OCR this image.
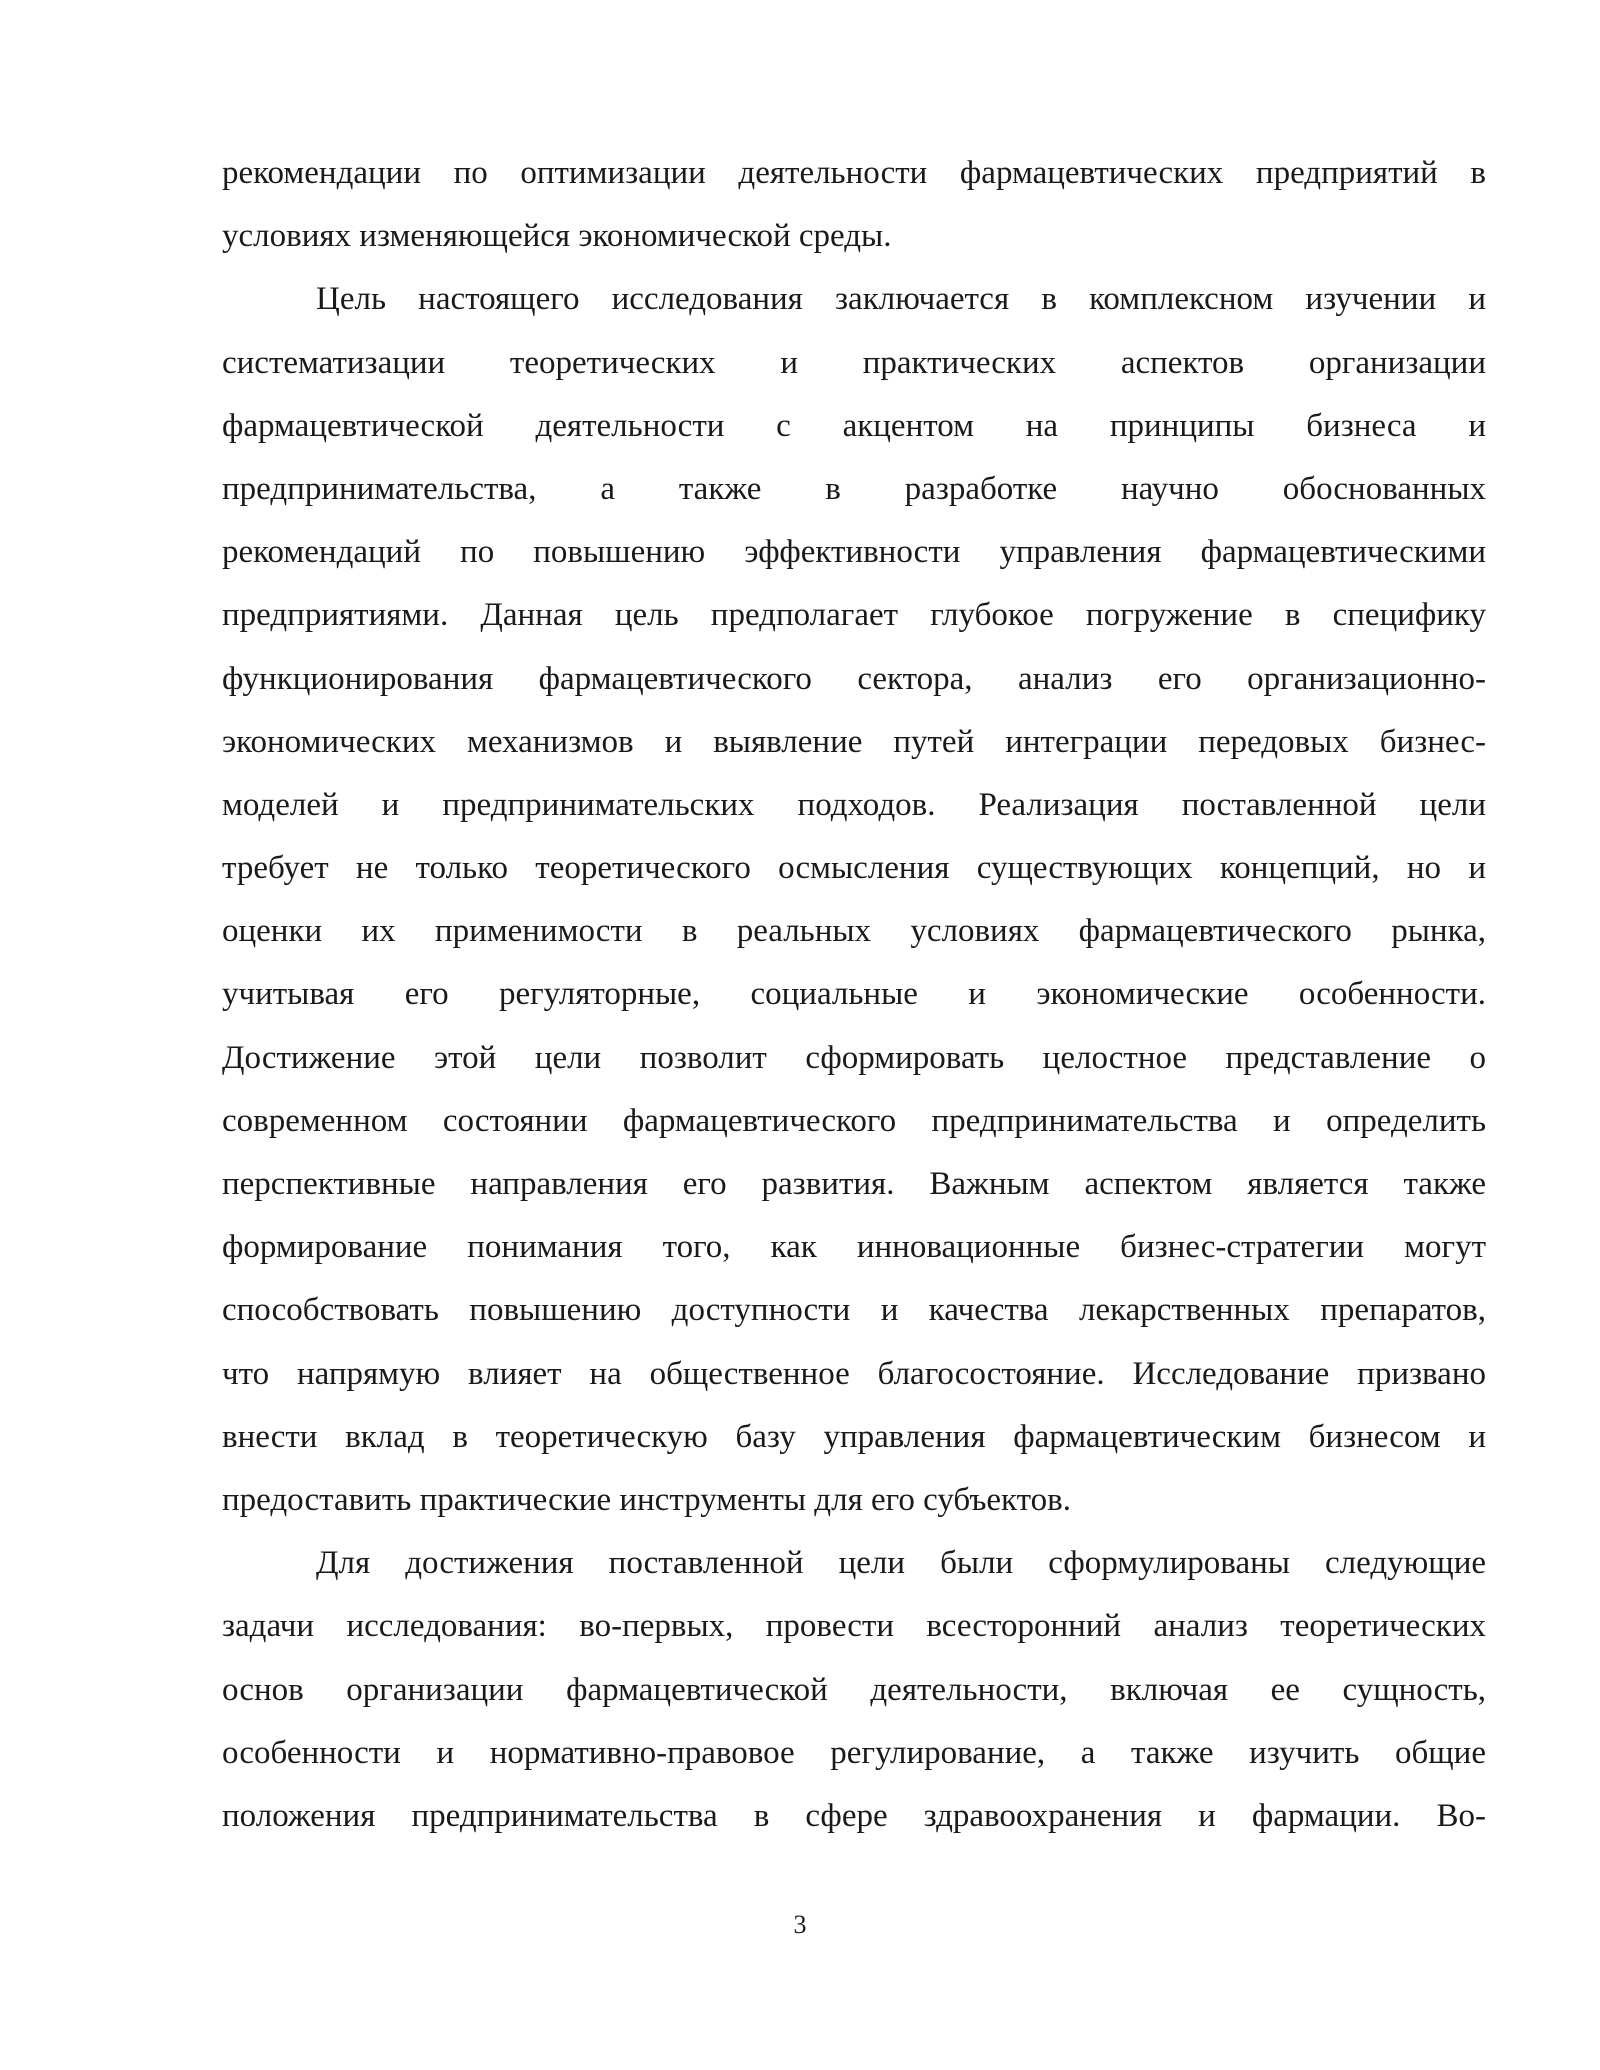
рекомендации по оптимизации деятельности фармацевтических предприятий в
условиях изменяющейся экономической среды.
Цель настоящего исследования заключается в комплексном изучении и
систематизации теоретических и практических аспектов организации
фармацевтической деятельности с акцентом на принципы бизнеса и
предпринимательства, а также в разработке научно обоснованных
рекомендаций по повышению эффективности управления фармацевтическими
предприятиями. Данная цель предполагает глубокое погружение в специфику
функционирования фармацевтического сектора, анализ его организационно-
экономических механизмов и выявление путей интеграции передовых бизнес-
моделей и предпринимательских подходов. Реализация поставленной цели
требует не только теоретического осмысления существующих концепций, но и
оценки их применимости в реальных условиях фармацевтического рынка,
учитывая его регуляторные, социальные и экономические особенности.
Достижение этой цели позволит сформировать целостное представление о
современном состоянии фармацевтического предпринимательства и определить
перспективные направления его развития. Важным аспектом является также
формирование понимания того, как инновационные бизнес-стратегии могут
способствовать повышению доступности и качества лекарственных препаратов,
что напрямую влияет на общественное благосостояние. Исследование призвано
внести вклад в теоретическую базу управления фармацевтическим бизнесом и
предоставить практические инструменты для его субъектов.
Для достижения поставленной цели были сформулированы следующие
задачи исследования: во-первых, провести всесторонний анализ теоретических
основ организации фармацевтической деятельности, включая ее сущность,
особенности и нормативно-правовое регулирование, а также изучить общие
положения предпринимательства в сфере здравоохранения и фармации. Во-
3
